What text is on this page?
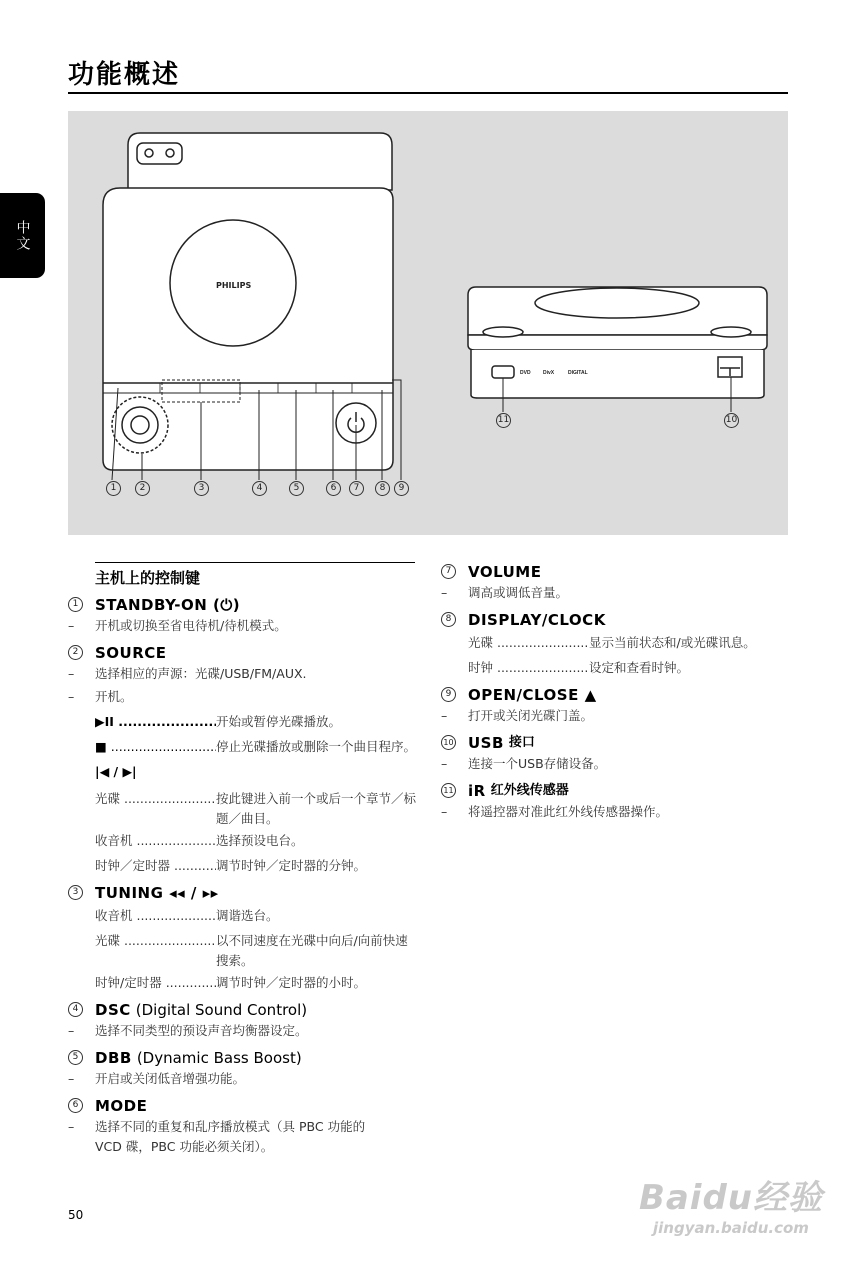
功能概述
中文
DVD DivX	DIGITAL
PHILIPS
1	2	3	4	5	6	7	8	9
11	10
主机上的控制键
1	STANDBY-ON (⏻)
– 开机或切换至省电待机/待机模式。
2	SOURCE
– 选择相应的声源：光碟/USB/FM/AUX.
– 开机。
▶II .....	开始或暂停光碟播放。
■ .....	停止光碟播放或删除一个曲目程序。
|◀ / ▶|
光碟 .....	按此键进入前一个或后一个章节／标题／曲目。
收音机 .....	选择预设电台。
时钟／定时器 .....	调节时钟／定时器的分钟。
3	TUNING ◂◂ / ▸▸
收音机 .....	调谐选台。
光碟 .....	以不同速度在光碟中向后/向前快速搜索。
时钟/定时器 .....	调节时钟／定时器的小时。
4	DSC (Digital Sound Control)
– 选择不同类型的预设声音均衡器设定。
5	DBB (Dynamic Bass Boost)
– 开启或关闭低音增强功能。
6	MODE
– 选择不同的重复和乱序播放模式（具 PBC 功能的 VCD 碟，PBC 功能必须关闭）。
7	VOLUME
– 调高或调低音量。
8	DISPLAY/CLOCK
光碟 .....	显示当前状态和/或光碟讯息。
时钟 .....	设定和查看时钟。
9	OPEN/CLOSE ▲
– 打开或关闭光碟门盖。
10 USB 接口
– 连接一个USB存储设备。
11 iR 红外线传感器
– 将遥控器对准此红外线传感器操作。
50	Baidu经验
jingyan.baidu.com
